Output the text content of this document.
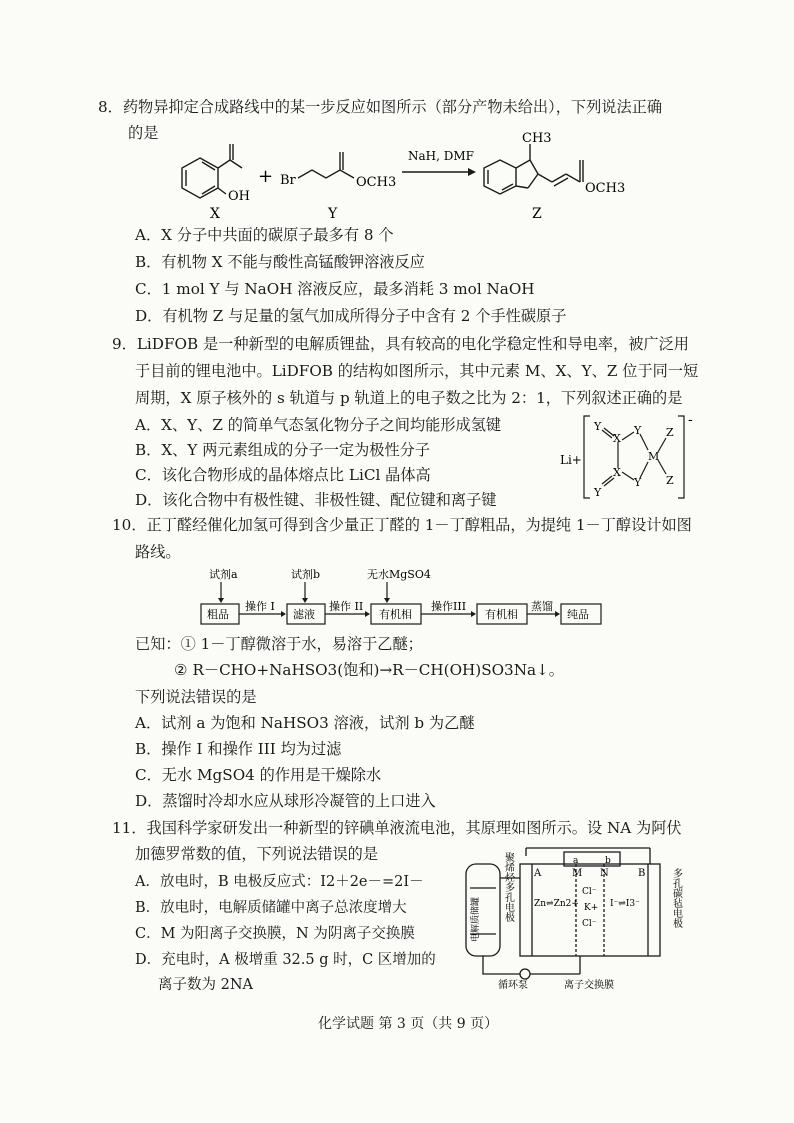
8．药物异抑定合成路线中的某一步反应如图所示（部分产物未给出），下列说法正确
的是
OH
X
+ Br	OCH3
Y
NaH, DMF
CH3
OCH3
Z
A．X 分子中共面的碳原子最多有 8 个
B．有机物 X 不能与酸性高锰酸钾溶液反应
C．1 mol Y 与 NaOH 溶液反应，最多消耗 3 mol NaOH
D．有机物 Z 与足量的氢气加成所得分子中含有 2 个手性碳原子
9．LiDFOB 是一种新型的电解质锂盐，具有较高的电化学稳定性和导电率，被广泛用
于目前的锂电池中。LiDFOB 的结构如图所示，其中元素 M、X、Y、Z 位于同一短
周期，X 原子核外的 s 轨道与 p 轨道上的电子数之比为 2：1，下列叙述正确的是
A．X、Y、Z 的简单气态氢化物分子之间均能形成氢键
B．X、Y 两元素组成的分子一定为极性分子
C．该化合物形成的晶体熔点比 LiCl 晶体高
D．该化合物中有极性键、非极性键、配位键和离子键
Li+
-
Y
X
Y
M
Z
Z
X
Y
Y
10．正丁醛经催化加氢可得到含少量正丁醛的 1－丁醇粗品，为提纯 1－丁醇设计如图
路线。
试剂a	试剂b	无水MgSO4
粗品	滤液	有机相	有机相	纯品
操作 I	操作 II	操作III	蒸馏
已知：① 1－丁醇微溶于水，易溶于乙醚；
② R－CHO+NaHSO3(饱和)→R－CH(OH)SO3Na↓。
下列说法错误的是
A．试剂 a 为饱和 NaHSO3 溶液，试剂 b 为乙醚
B．操作 I 和操作 III 均为过滤
C．无水 MgSO4 的作用是干燥除水
D．蒸馏时冷却水应从球形冷凝管的上口进入
11．我国科学家研发出一种新型的锌碘单液流电池，其原理如图所示。设 NA 为阿伏
加德罗常数的值，下列说法错误的是
A．放电时，B 电极反应式：I2＋2e－=2I－
B．放电时，电解质储罐中离子总浓度增大
C．M 为阳离子交换膜，N 为阴离子交换膜
D．充电时，A 极增重 32.5 g 时，C 区增加的
离子数为 2NA
电解质储罐
a	b
A	B
M N
Zn⇌Zn2+
Cl⁻
K+
Cl⁻
I⁻⇌I3⁻
聚烯烃多孔电极	多孔碳毡电极
循环泵	离子交换膜
化学试题 第 3 页（共 9 页）
